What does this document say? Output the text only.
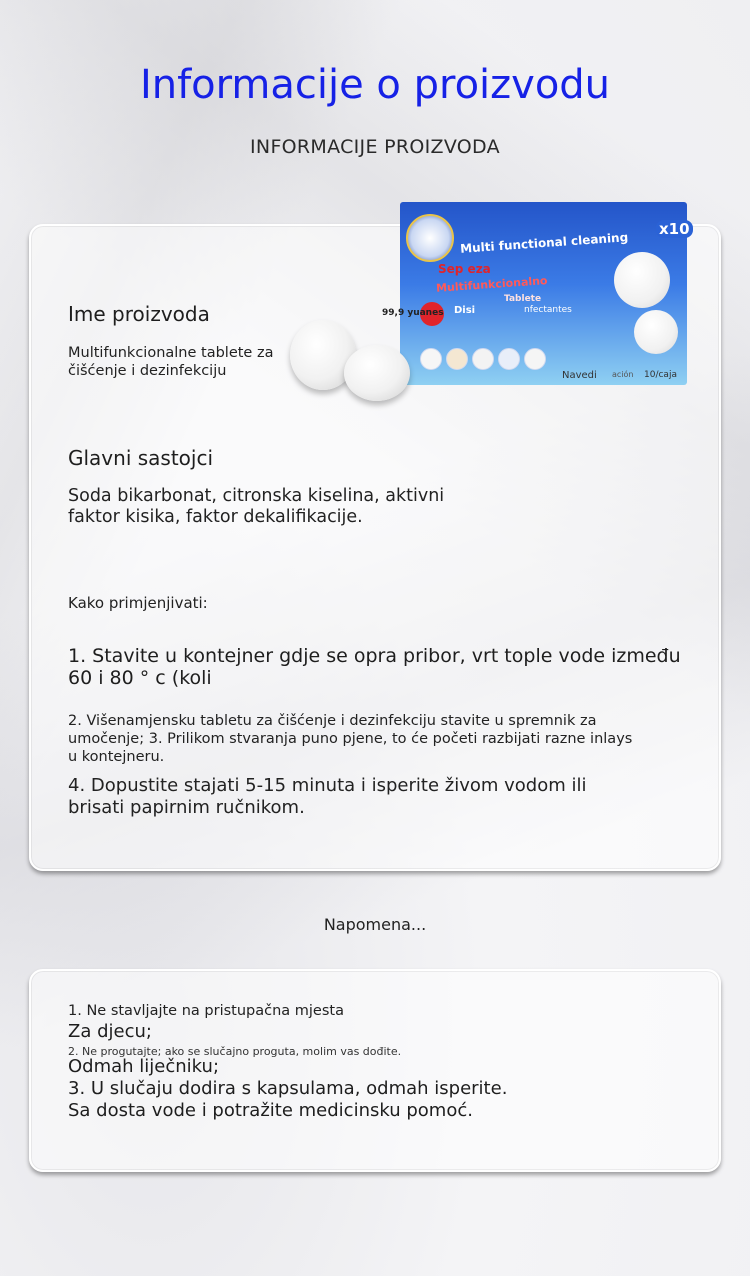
Informacije o proizvodu
INFORMACIJE PROIZVODA
Ime proizvoda
Multifunkcionalne tablete za
čišćenje i dezinfekciju
Glavni sastojci
Soda bikarbonat, citronska kiselina, aktivni
faktor kisika, faktor dekalifikacije.
Kako primjenjivati:
1. Stavite u kontejner gdje se opra pribor, vrt tople vode između
60 i 80 ° c (koli
2. Višenamjensku tabletu za čišćenje i dezinfekciju stavite u spremnik za
umočenje; 3. Prilikom stvaranja puno pjene, to će početi razbijati razne inlays
u kontejneru.
4. Dopustite stajati 5-15 minuta i isperite živom vodom ili
brisati papirnim ručnikom.
Multi functional cleaning
Sep eza
Multifunkcionalno
Tablete
Disi	nfectantes
x10
Navedi ación 10/caja
99,9 yuanes
Napomena...
1. Ne stavljajte na pristupačna mjesta
Za djecu;
2. Ne progutajte; ako se slučajno proguta, molim vas dođite.
Odmah liječniku;
3. U slučaju dodira s kapsulama, odmah isperite.
Sa dosta vode i potražite medicinsku pomoć.
